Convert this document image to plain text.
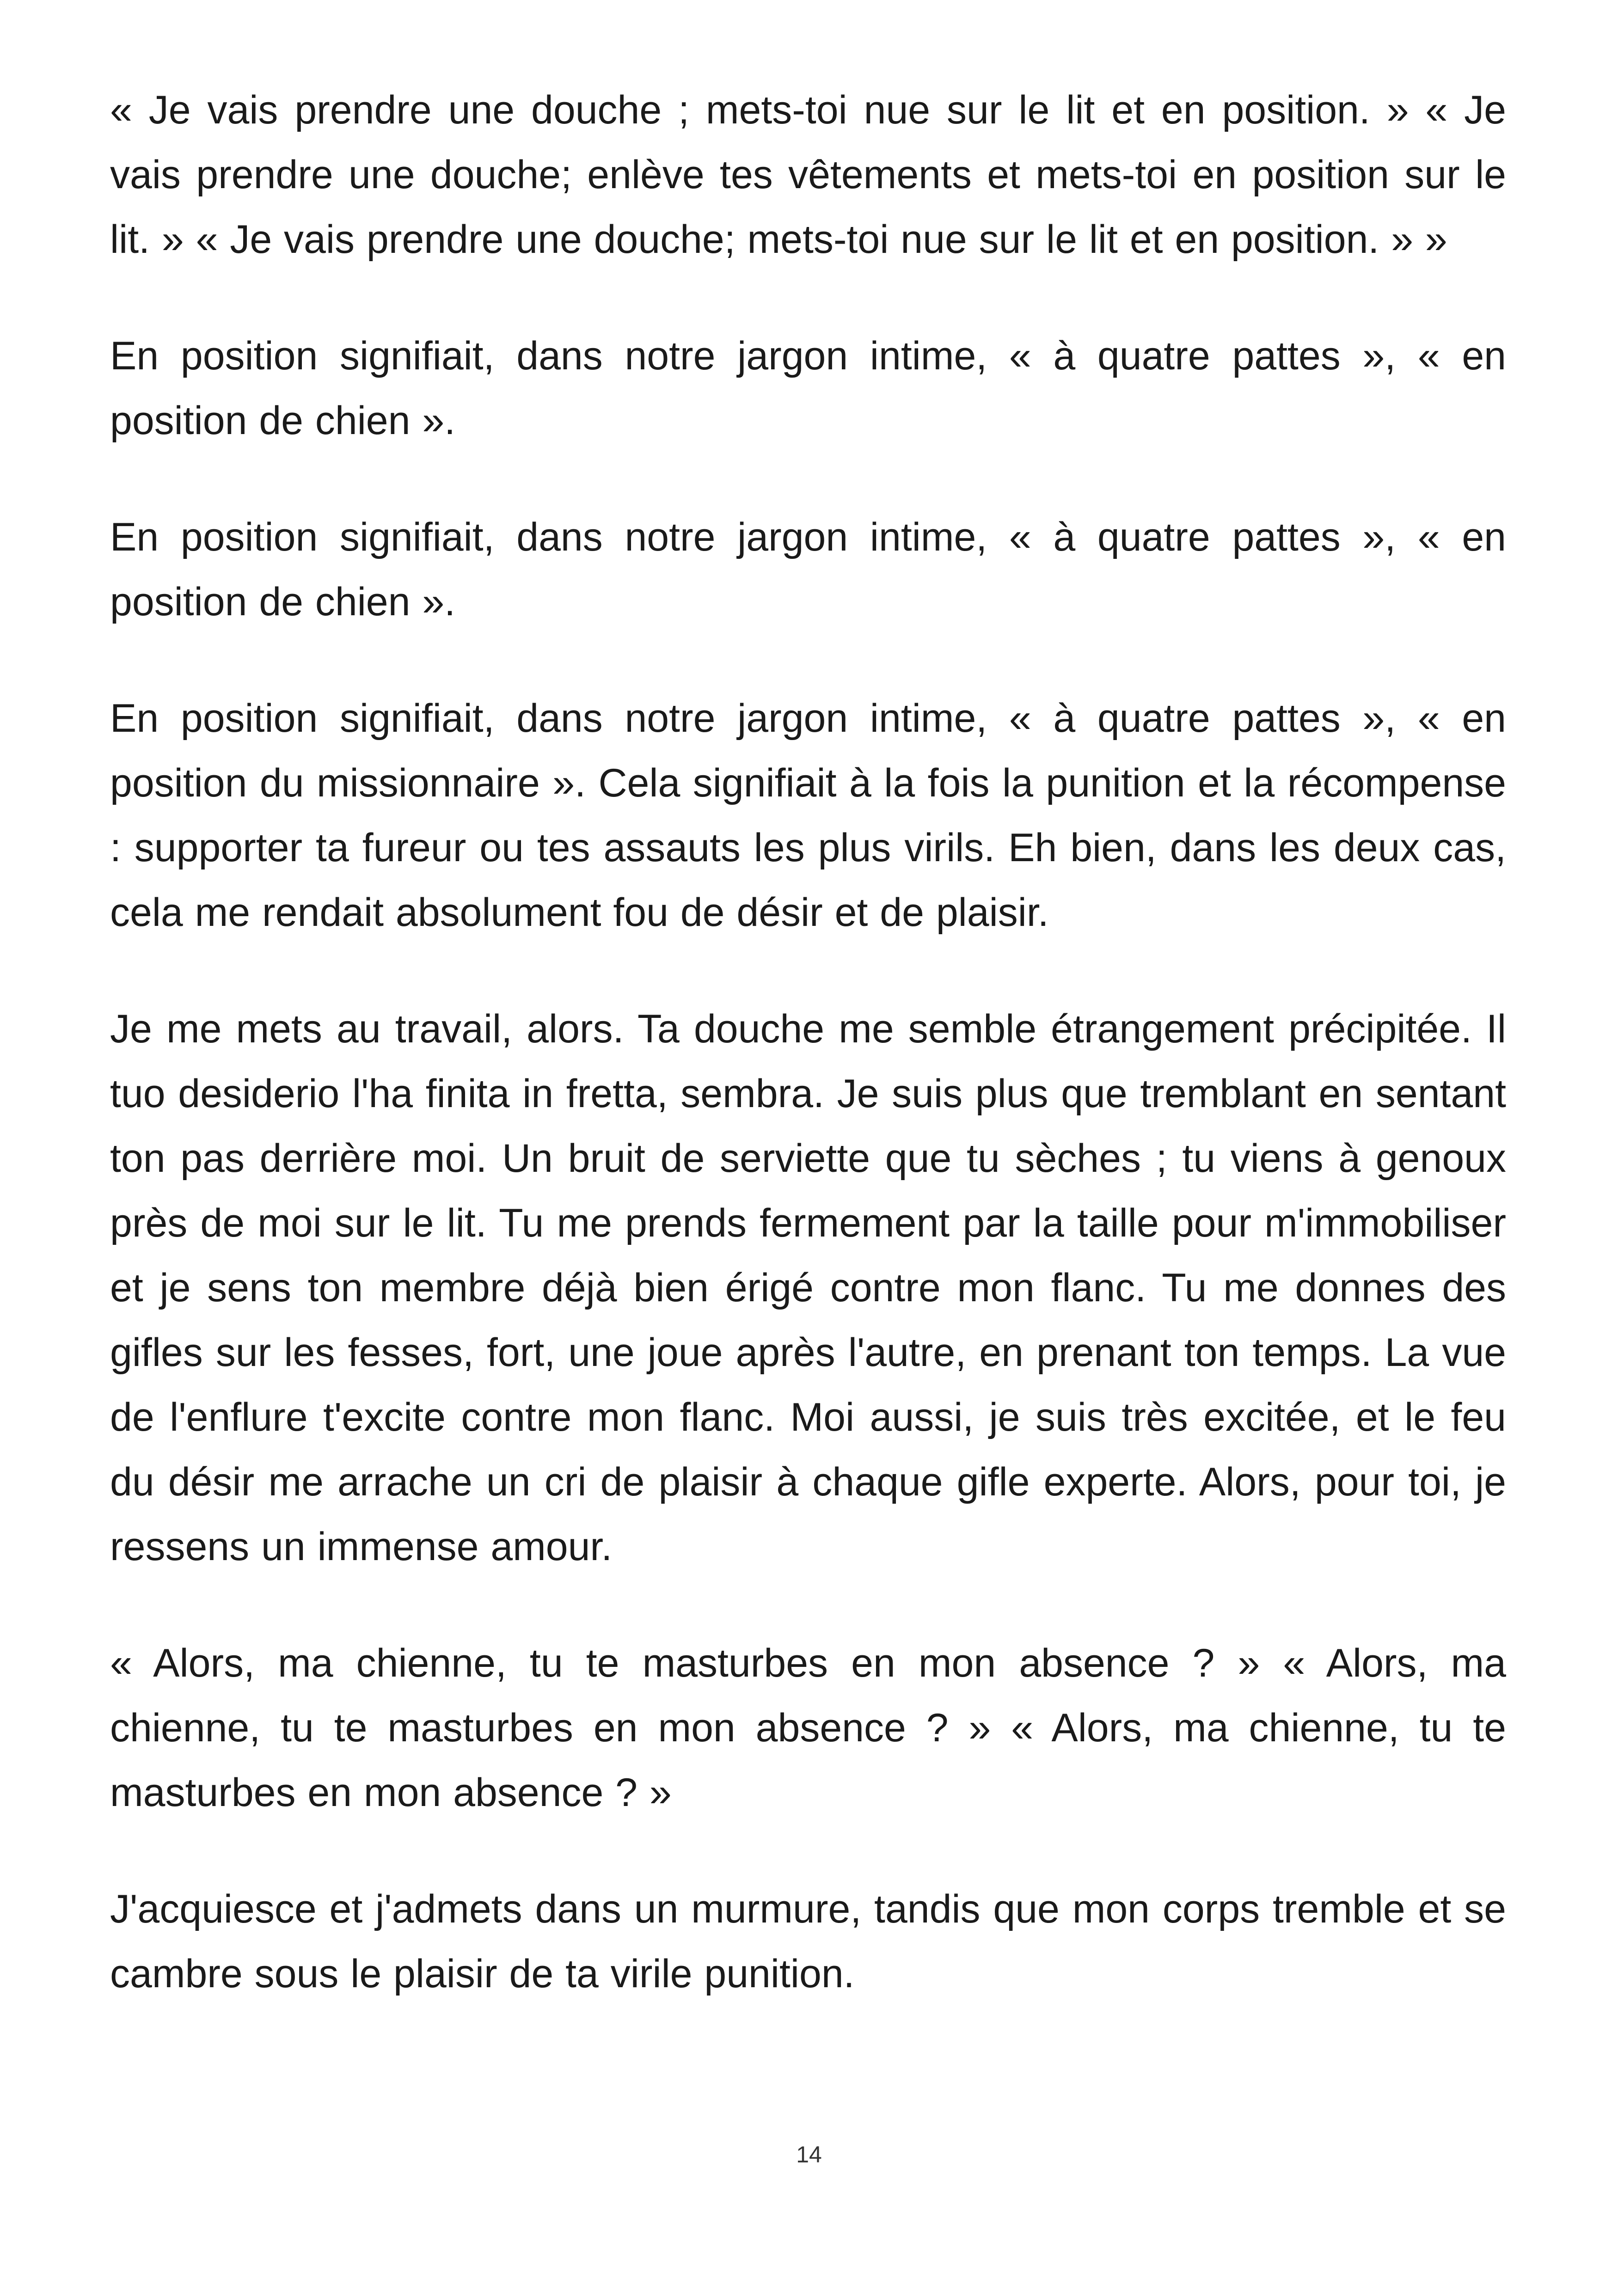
« Je vais prendre une douche ; mets-toi nue sur le lit et en position. » « Je vais prendre une douche; enlève tes vêtements et mets-toi en position sur le lit. » « Je vais prendre une douche; mets-toi nue sur le lit et en position. » »

En position signifiait, dans notre jargon intime, « à quatre pattes », « en position de chien ».

En position signifiait, dans notre jargon intime, « à quatre pattes », « en position de chien ».

En position signifiait, dans notre jargon intime, « à quatre pattes », « en position du missionnaire ». Cela signifiait à la fois la punition et la récompense : supporter ta fureur ou tes assauts les plus virils. Eh bien, dans les deux cas, cela me rendait absolument fou de désir et de plaisir.

Je me mets au travail, alors. Ta douche me semble étrangement précipitée. Il tuo desiderio l'ha finita in fretta, sembra. Je suis plus que tremblant en sentant ton pas derrière moi. Un bruit de serviette que tu sèches ; tu viens à genoux près de moi sur le lit. Tu me prends fermement par la taille pour m'immobiliser et je sens ton membre déjà bien érigé contre mon flanc. Tu me donnes des gifles sur les fesses, fort, une joue après l'autre, en prenant ton temps. La vue de l'enflure t'excite contre mon flanc. Moi aussi, je suis très excitée, et le feu du désir me arrache un cri de plaisir à chaque gifle experte. Alors, pour toi, je ressens un immense amour.

« Alors, ma chienne, tu te masturbes en mon absence ? » « Alors, ma chienne, tu te masturbes en mon absence ? » « Alors, ma chienne, tu te masturbes en mon absence ? »

J'acquiesce et j'admets dans un murmure, tandis que mon corps tremble et se cambre sous le plaisir de ta virile punition.

14
